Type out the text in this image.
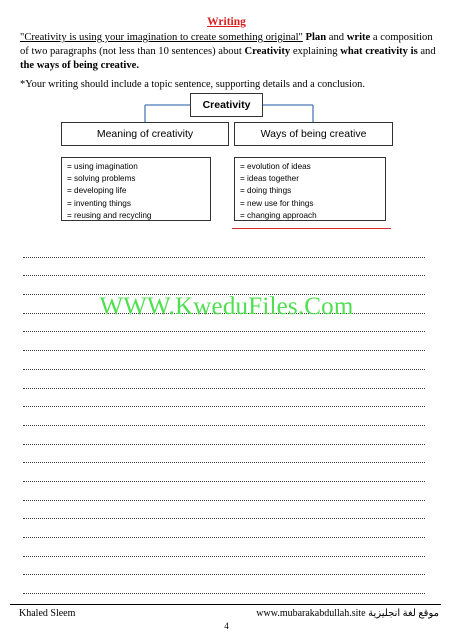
Writing
"Creativity is using your imagination to create something original" Plan and write a composition of two paragraphs (not less than 10 sentences) about Creativity explaining what creativity is and the ways of being creative.
*Your writing should include a topic sentence, supporting details and a conclusion.
Creativity
Meaning of creativity	Ways of being creative
= using imagination
= solving problems
= developing life
= inventing things
= reusing and recycling
= evolution of ideas
= ideas together
= doing things
= new use for things
= changing approach
WWW.KweduFiles.Com
Khaled Sleem	www.mubarakabdullah.site موقع لغة انجليزية
4
